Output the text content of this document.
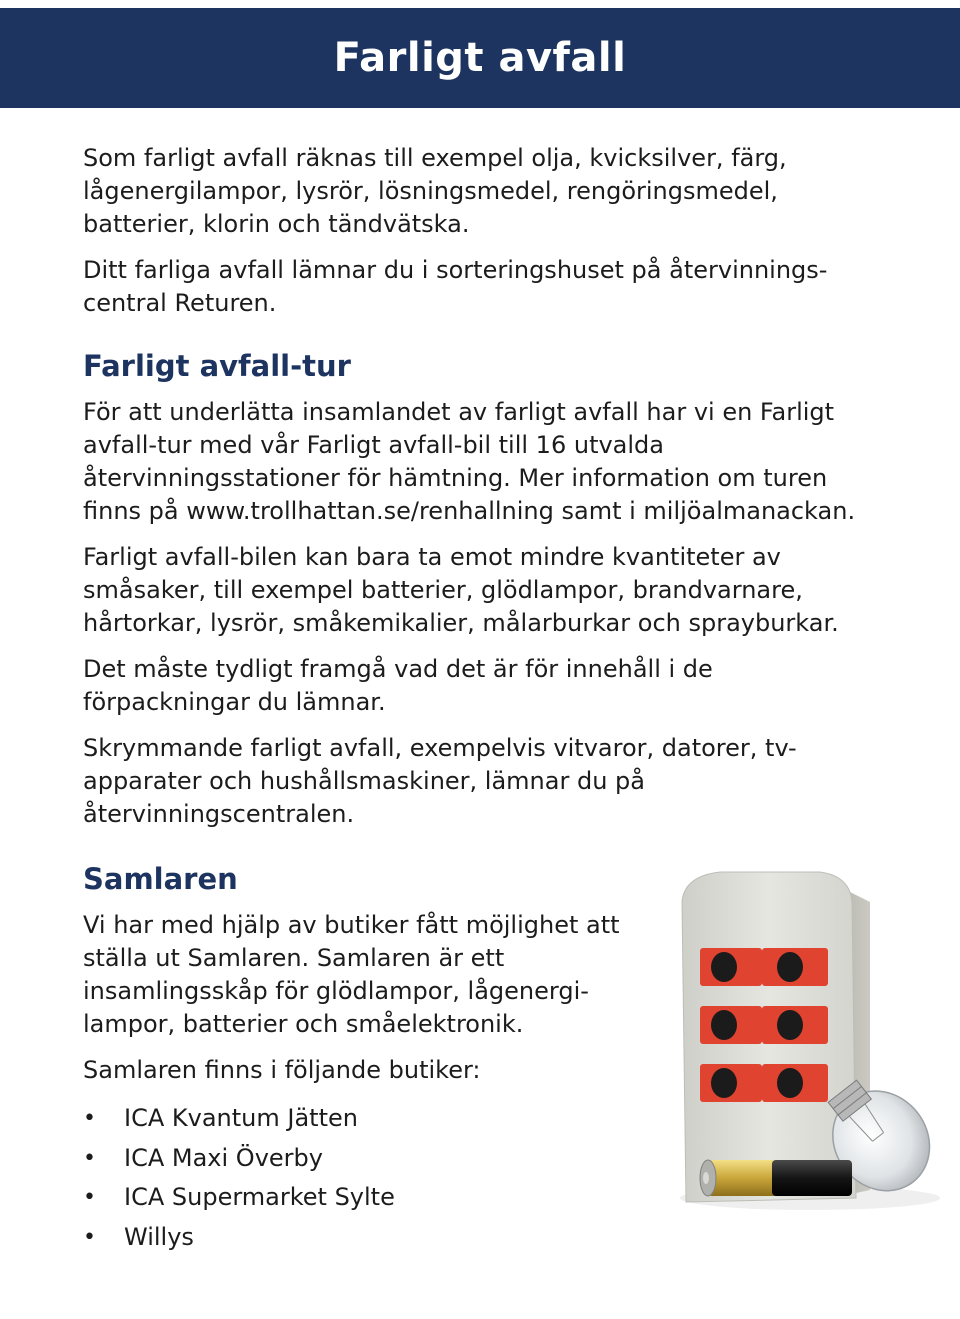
Farligt avfall

Som farligt avfall räknas till exempel olja, kvicksilver, färg, lågenergilampor, lysrör, lösningsmedel, rengöringsmedel, batterier, klorin och tändvätska.

Ditt farliga avfall lämnar du i sorteringshuset på återvinnings-central Returen.

Farligt avfall-tur

För att underlätta insamlandet av farligt avfall har vi en Farligt avfall-tur med vår Farligt avfall-bil till 16 utvalda återvinningsstationer för hämtning. Mer information om turen finns på www.trollhattan.se/renhallning samt i miljöalmanackan.

Farligt avfall-bilen kan bara ta emot mindre kvantiteter av småsaker, till exempel batterier, glödlampor, brandvarnare, hårtorkar, lysrör, småkemikalier, målarburkar och sprayburkar.

Det måste tydligt framgå vad det är för innehåll i de förpackningar du lämnar.

Skrymmande farligt avfall, exempelvis vitvaror, datorer, tv-apparater och hushållsmaskiner, lämnar du på återvinningscentralen.

Samlaren

Vi har med hjälp av butiker fått möjlighet att ställa ut Samlaren. Samlaren är ett insamlingsskåp för glödlampor, lågenergi-lampor, batterier och småelektronik.

Samlaren finns i följande butiker:

• ICA Kvantum Jätten
• ICA Maxi Överby
• ICA Supermarket Sylte
• Willys
